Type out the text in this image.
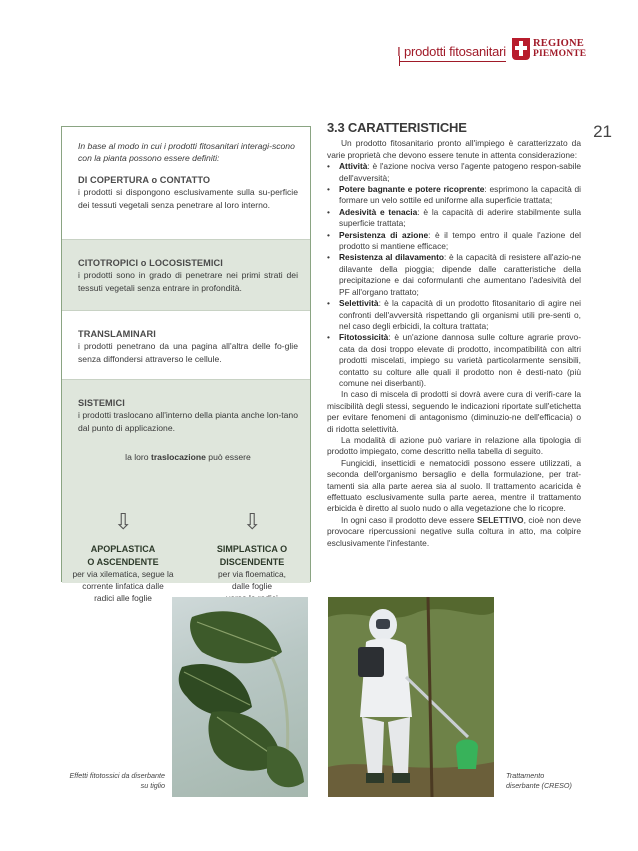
I prodotti fitosanitari
REGIONE
PIEMONTE
21
In base al modo in cui i prodotti fitosanitari interagi-scono con la pianta possono essere definiti:
DI COPERTURA o CONTATTO
i prodotti si dispongono esclusivamente sulla su-perficie dei tessuti vegetali senza penetrare al loro interno.
CITOTROPICI o LOCOSISTEMICI
i prodotti sono in grado di penetrare nei primi strati dei tessuti vegetali senza entrare in profondità.
TRANSLAMINARI
i prodotti penetrano da una pagina all'altra delle fo-glie senza diffondersi attraverso le cellule.
SISTEMICI
i prodotti traslocano all'interno della pianta anche lon-tano dal punto di applicazione.
la loro traslocazione può essere
⇩	⇩
APOPLASTICA
O ASCENDENTE
per via xilematica, segue la
corrente linfatica dalle
radici alle foglie
SIMPLASTICA O
DISCENDENTE
per via floematica,
dalle foglie
3.3 CARATTERISTICHE
Un prodotto fitosanitario pronto all'impiego è caratterizzato da varie proprietà che devono essere tenute in attenta considerazione:
• Attività: è l'azione nociva verso l'agente patogeno respon-sabile dell'avversità;
• Potere bagnante e potere ricoprente: esprimono la capacità di formare un velo sottile ed uniforme alla superficie trattata;
• Adesività e tenacia: è la capacità di aderire stabilmente sulla superficie trattata;
• Persistenza di azione: è il tempo entro il quale l'azione del prodotto si mantiene efficace;
• Resistenza al dilavamento: è la capacità di resistere all'azio-ne dilavante della pioggia; dipende dalle caratteristiche della precipitazione e dai coformulanti che aumentano l'adesività del PF all'organo trattato;
• Selettività: è la capacità di un prodotto fitosanitario di agire nei confronti dell'avversità rispettando gli organismi utili pre-senti o, nel caso degli erbicidi, la coltura trattata;
• Fitotossicità: è un'azione dannosa sulle colture agrarie provo-cata da dosi troppo elevate di prodotto, incompatibilità con altri prodotti miscelati, impiego su varietà particolarmente sensibili, contatto su colture alle quali il prodotto non è desti-nato (più comune nei diserbanti).
In caso di miscela di prodotti si dovrà avere cura di verifi-care la miscibilità degli stessi, seguendo le indicazioni riportate sull'etichetta per evitare fenomeni di antagonismo (diminuzio-ne dell'efficacia) o di ridotta selettività.
La modalità di azione può variare in relazione alla tipologia di prodotto impiegato, come descritto nella tabella di seguito.
Fungicidi, insetticidi e nematocidi possono essere utilizzati, a seconda dell'organismo bersaglio e della formulazione, per trat-tamenti sia alla parte aerea sia al suolo. Il trattamento acaricida è effettuato esclusivamente sulla parte aerea, mentre il trattamento erbicida è diretto al suolo nudo o alla vegetazione che lo ricopre.
In ogni caso il prodotto deve essere SELETTIVO, cioè non deve provocare ripercussioni negative sulla coltura in atto, ma colpire esclusivamente l'infestante.
Effetti fitotossici da diserbante
su tiglio
Trattamento
diserbante (CRESO)
